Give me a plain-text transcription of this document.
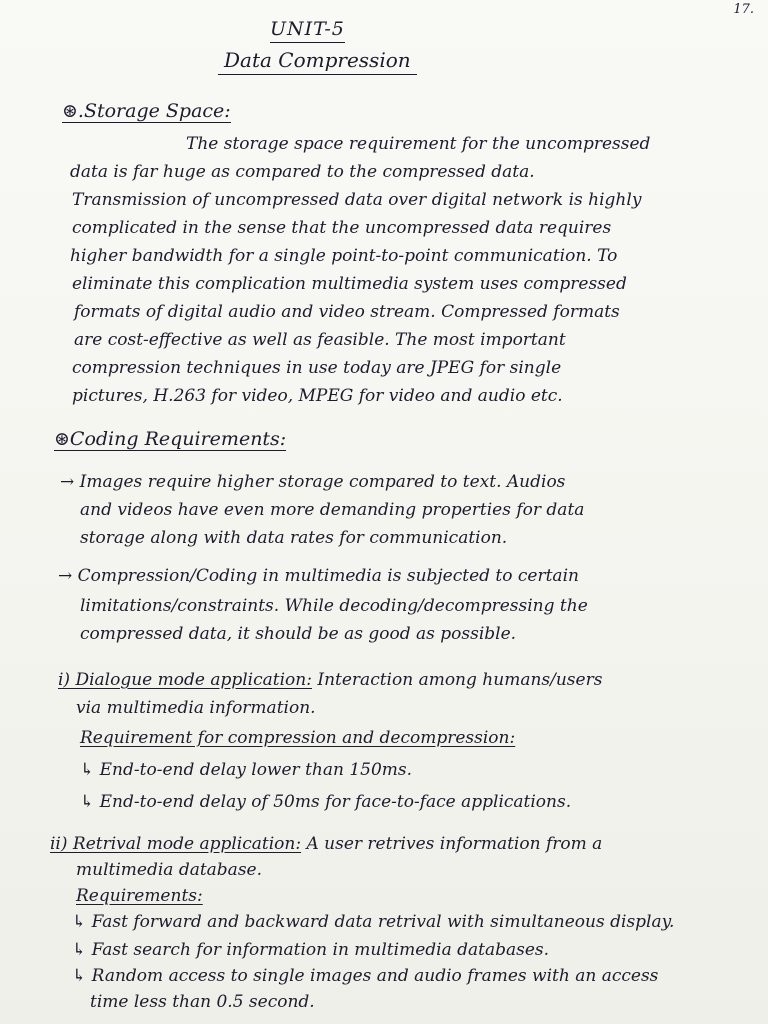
17.
UNIT-5
Data Compression
⊛.Storage Space:
The storage space requirement for the uncompressed
data is far huge as compared to the compressed data.
Transmission of uncompressed data over digital network is highly
complicated in the sense that the uncompressed data requires
higher bandwidth for a single point-to-point communication. To
eliminate this complication multimedia system uses compressed
formats of digital audio and video stream. Compressed formats
are cost-effective as well as feasible. The most important
compression techniques in use today are JPEG for single
pictures, H.263 for video, MPEG for video and audio etc.
⊛Coding Requirements:
→ Images require higher storage compared to text. Audios
and videos have even more demanding properties for data
storage along with data rates for communication.
→ Compression/Coding in multimedia is subjected to certain
limitations/constraints. While decoding/decompressing the
compressed data, it should be as good as possible.
i) Dialogue mode application: Interaction among humans/users
via multimedia information.
Requirement for compression and decompression:
↳ End-to-end delay lower than 150ms.
↳ End-to-end delay of 50ms for face-to-face applications.
ii) Retrival mode application: A user retrives information from a
multimedia database.
Requirements:
↳ Fast forward and backward data retrival with simultaneous display.
↳ Fast search for information in multimedia databases.
↳ Random access to single images and audio frames with an access
time less than 0.5 second.
